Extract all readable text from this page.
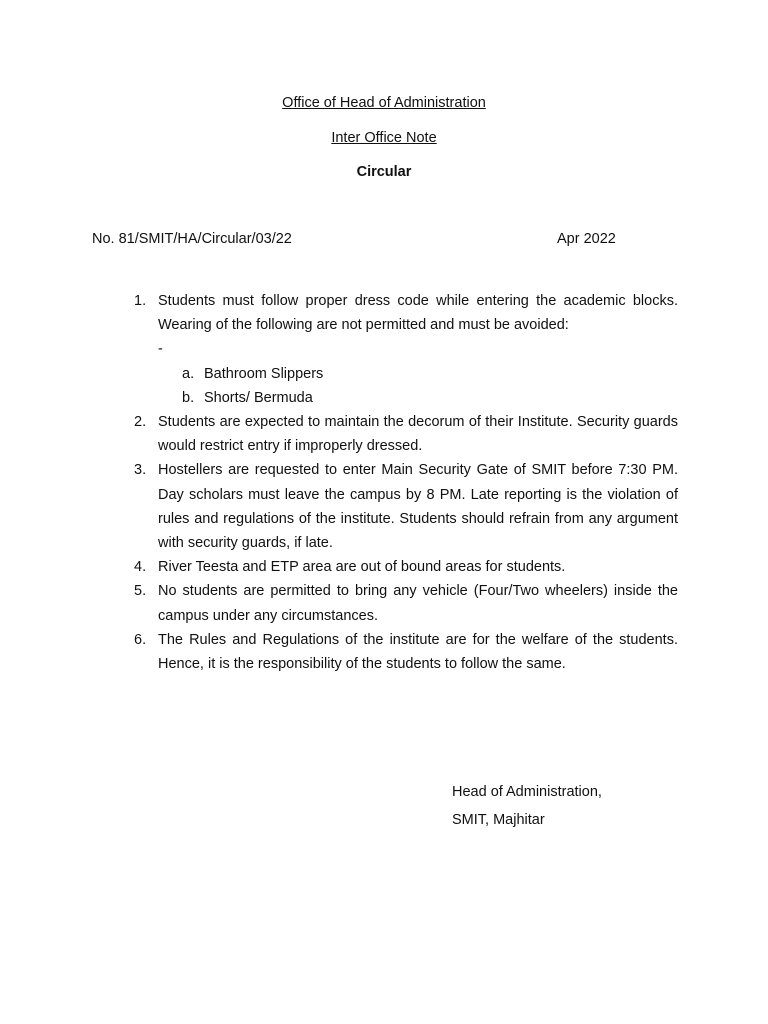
Office of Head of Administration
Inter Office Note
Circular
No. 81/SMIT/HA/Circular/03/22	Apr 2022
1. Students must follow proper dress code while entering the academic blocks. Wearing of the following are not permitted and must be avoided:
-
a. Bathroom Slippers
b. Shorts/ Bermuda
2. Students are expected to maintain the decorum of their Institute. Security guards would restrict entry if improperly dressed.
3. Hostellers are requested to enter Main Security Gate of SMIT before 7:30 PM. Day scholars must leave the campus by 8 PM. Late reporting is the violation of rules and regulations of the institute. Students should refrain from any argument with security guards, if late.
4. River Teesta and ETP area are out of bound areas for students.
5. No students are permitted to bring any vehicle (Four/Two wheelers) inside the campus under any circumstances.
6. The Rules and Regulations of the institute are for the welfare of the students. Hence, it is the responsibility of the students to follow the same.
Head of Administration,
SMIT, Majhitar
